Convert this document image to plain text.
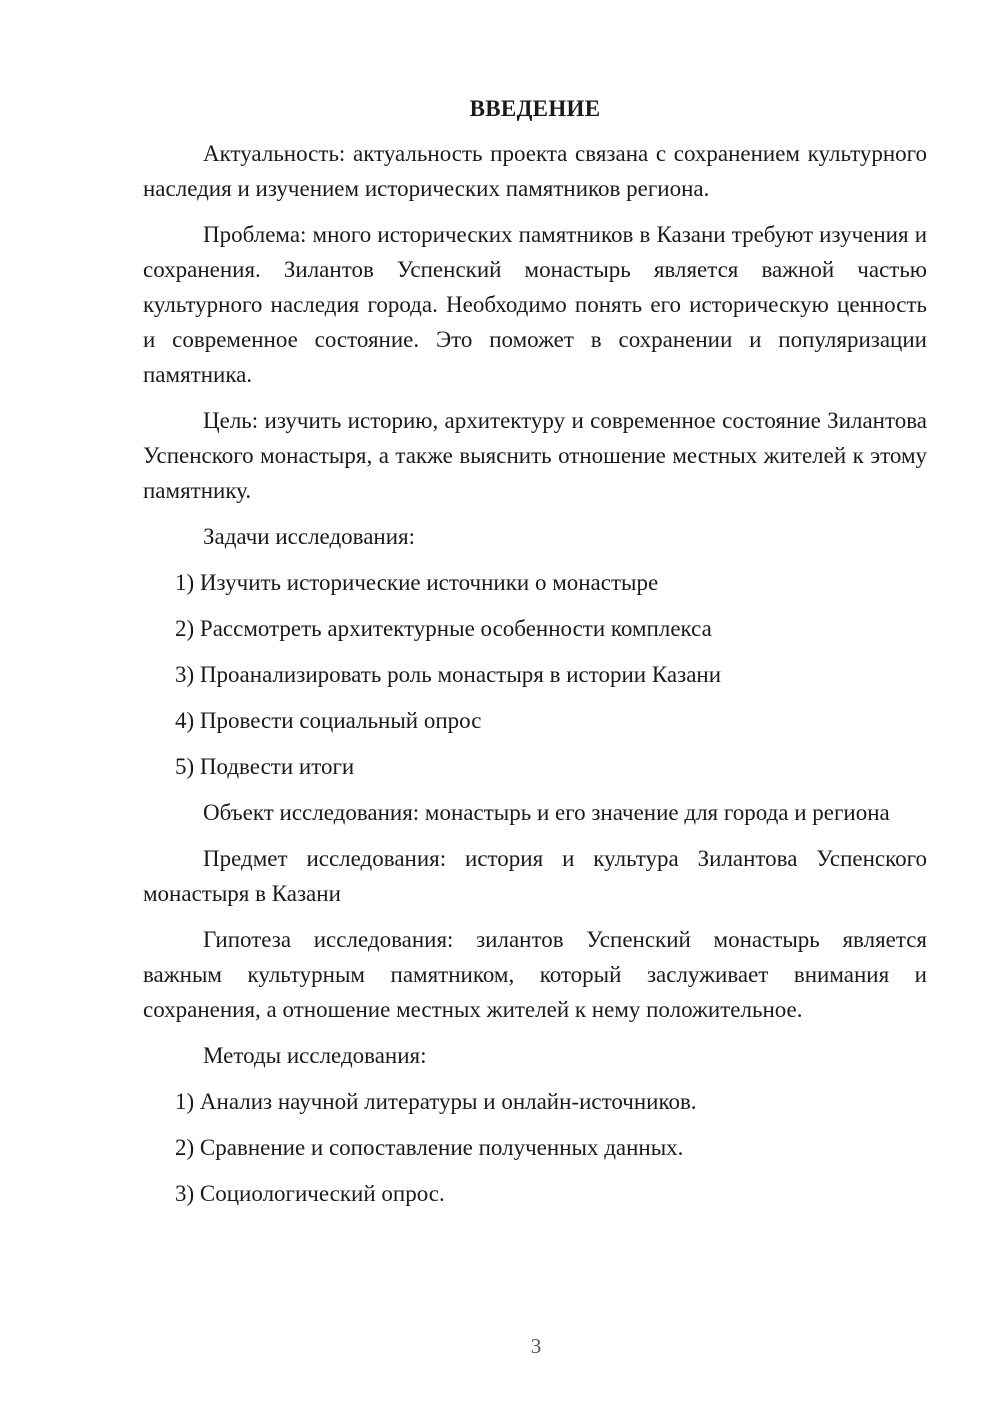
ВВЕДЕНИЕ

Актуальность: актуальность проекта связана с сохранением культурного наследия и изучением исторических памятников региона.

Проблема: много исторических памятников в Казани требуют изучения и сохранения. Зилантов Успенский монастырь является важной частью культурного наследия города. Необходимо понять его историческую ценность и современное состояние. Это поможет в сохранении и популяризации памятника.

Цель: изучить историю, архитектуру и современное состояние Зилантова Успенского монастыря, а также выяснить отношение местных жителей к этому памятнику.

Задачи исследования:
1) Изучить исторические источники о монастыре
2) Рассмотреть архитектурные особенности комплекса
3) Проанализировать роль монастыря в истории Казани
4) Провести социальный опрос
5) Подвести итоги

Объект исследования: монастырь и его значение для города и региона

Предмет исследования: история и культура Зилантова Успенского монастыря в Казани

Гипотеза исследования: зилантов Успенский монастырь является важным культурным памятником, который заслуживает внимания и сохранения, а отношение местных жителей к нему положительное.

Методы исследования:
1) Анализ научной литературы и онлайн-источников.
2) Сравнение и сопоставление полученных данных.
3) Социологический опрос.
3
